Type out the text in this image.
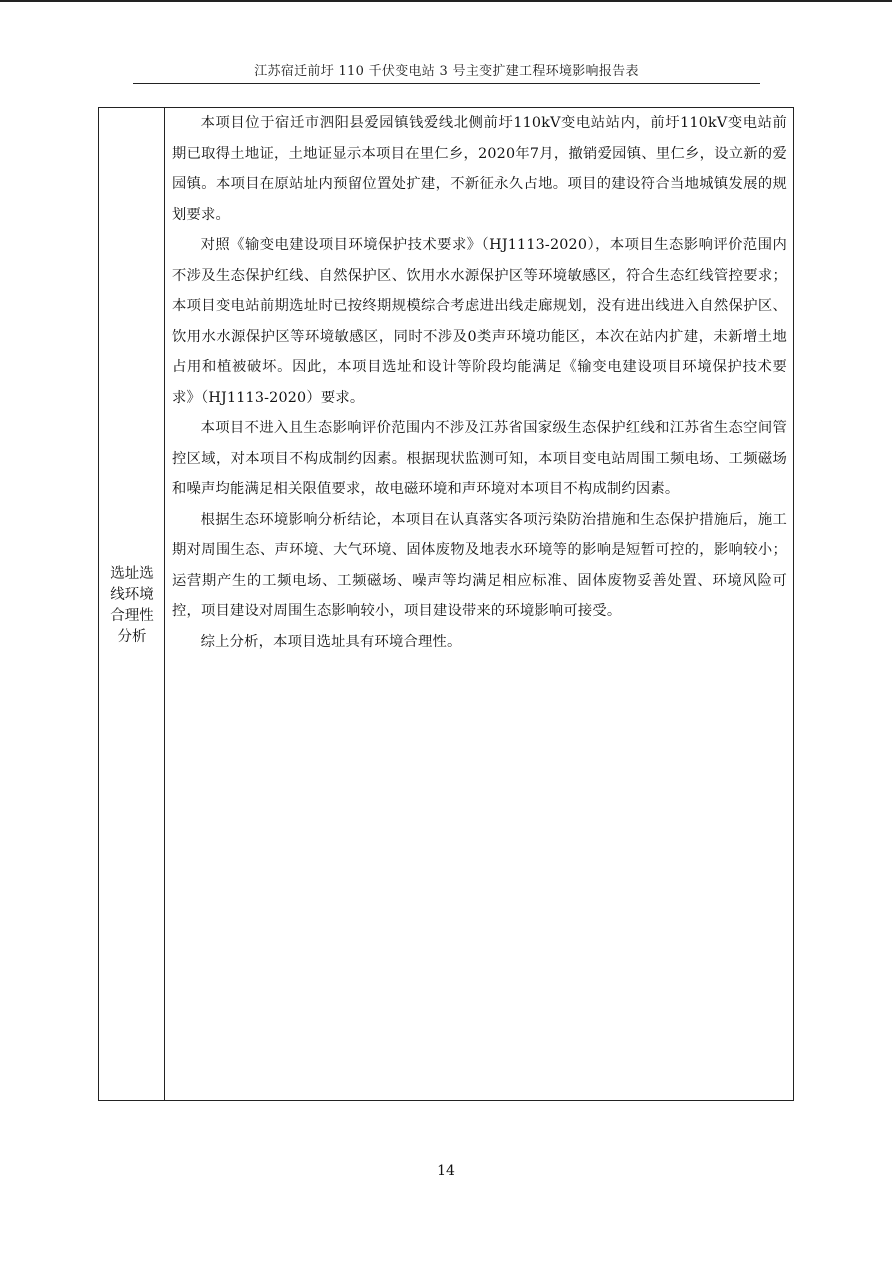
江苏宿迁前圩 110 千伏变电站 3 号主变扩建工程环境影响报告表
选址选线环境合理性分析

本项目位于宿迁市泗阳县爱园镇钱爱线北侧前圩110kV变电站站内，前圩110kV变电站前期已取得土地证，土地证显示本项目在里仁乡，2020年7月，撤销爱园镇、里仁乡，设立新的爱园镇。本项目在原站址内预留位置处扩建，不新征永久占地。项目的建设符合当地城镇发展的规划要求。

对照《输变电建设项目环境保护技术要求》（HJ1113-2020），本项目生态影响评价范围内不涉及生态保护红线、自然保护区、饮用水水源保护区等环境敏感区，符合生态红线管控要求；本项目变电站前期选址时已按终期规模综合考虑进出线走廊规划，没有进出线进入自然保护区、饮用水水源保护区等环境敏感区，同时不涉及0类声环境功能区，本次在站内扩建，未新增土地占用和植被破坏。因此，本项目选址和设计等阶段均能满足《输变电建设项目环境保护技术要求》（HJ1113-2020）要求。

本项目不进入且生态影响评价范围内不涉及江苏省国家级生态保护红线和江苏省生态空间管控区域，对本项目不构成制约因素。根据现状监测可知，本项目变电站周围工频电场、工频磁场和噪声均能满足相关限值要求，故电磁环境和声环境对本项目不构成制约因素。

根据生态环境影响分析结论，本项目在认真落实各项污染防治措施和生态保护措施后，施工期对周围生态、声环境、大气环境、固体废物及地表水环境等的影响是短暂可控的，影响较小；运营期产生的工频电场、工频磁场、噪声等均满足相应标准、固体废物妥善处置、环境风险可控，项目建设对周围生态影响较小，项目建设带来的环境影响可接受。

综上分析，本项目选址具有环境合理性。

14
